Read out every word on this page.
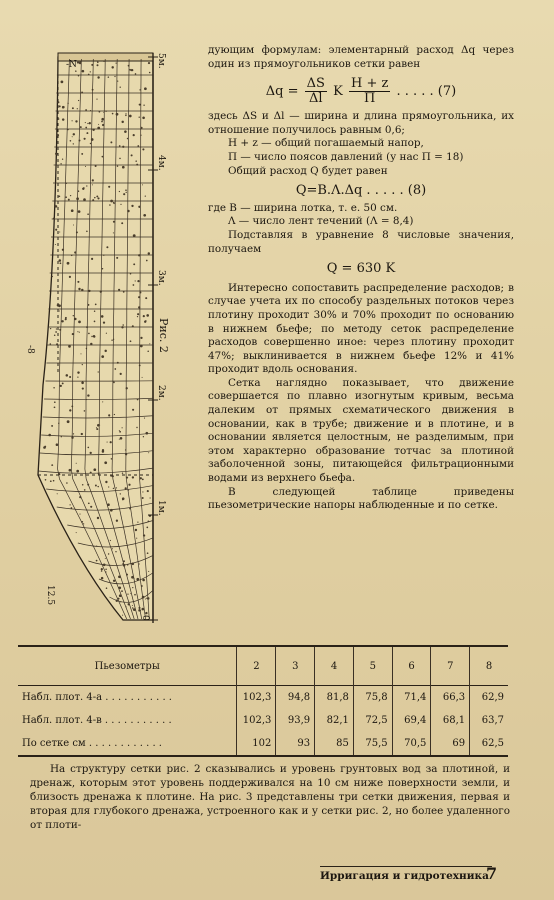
5м.
4м.
3м.
2м.
1м.
0
-N
12.5
-8	Рис. 2

дующим формулам: элементарный расход Δq через один из прямоугольников сетки равен

$\Delta q = \frac{\Delta S}{\Delta l}$ K $\frac{H + z}{П}$ . . . . . (7)

здесь ΔS и Δl — ширина и длина прямоугольника, их отношение получилось равным 0,6;

H + z — общий погашаемый напор,

П — число поясов давлений (у нас П = 18)

Общий расход Q будет равен

Q=B.Λ.Δq . . . . . (8)

где B — ширина лотка, т. е. 50 см.

Λ — число лент течений (Λ = 8,4)

Подставляя в уравнение 8 числовые значения, получаем

Q = 630 K

Интересно сопоставить распределение расходов; в случае учета их по способу раздельных потоков через плотину проходит 30% и 70% проходит по основанию в нижнем бьефе; по методу сеток распределение расходов совершенно иное: через плотину проходит 47%; выклинивается в нижнем бьефе 12% и 41% проходит вдоль основания.

Сетка наглядно показывает, что движение совершается по плавно изогнутым кривым, весьма далеким от прямых схематического движения в основании, как в трубе; движение и в плотине, и в основании является целостным, не разделимым, при этом характерно образование тотчас за плотиной заболоченной зоны, питающейся фильтрационными водами из верхнего бьефа.

В следующей таблице приведены пьезометрические напоры наблюденные и по сетке.

Пьезометры	2	3	4	5	6	7	8
Набл. плот. 4-а . . . . . . . . . . .	102,3	94,8	81,8	75,8	71,4	66,3	62,9
Набл. плот. 4-в . . . . . . . . . . .	102,3	93,9	82,1	72,5	69,4	68,1	63,7
По сетке см . . . . . . . . . . . .	102	93	85	75,5	70,5	69	62,5

На структуру сетки рис. 2 сказывались и уровень грунтовых вод за плотиной, и дренаж, которым этот уровень поддерживался на 10 см ниже поверхности земли, и близость дренажа к плотине. На рис. 3 представлены три сетки движения, первая и вторая для глубокого дренажа, устроенного как и у сетки рис. 2, но более удаленного от плоти-

Ирригация и гидротехника
7
